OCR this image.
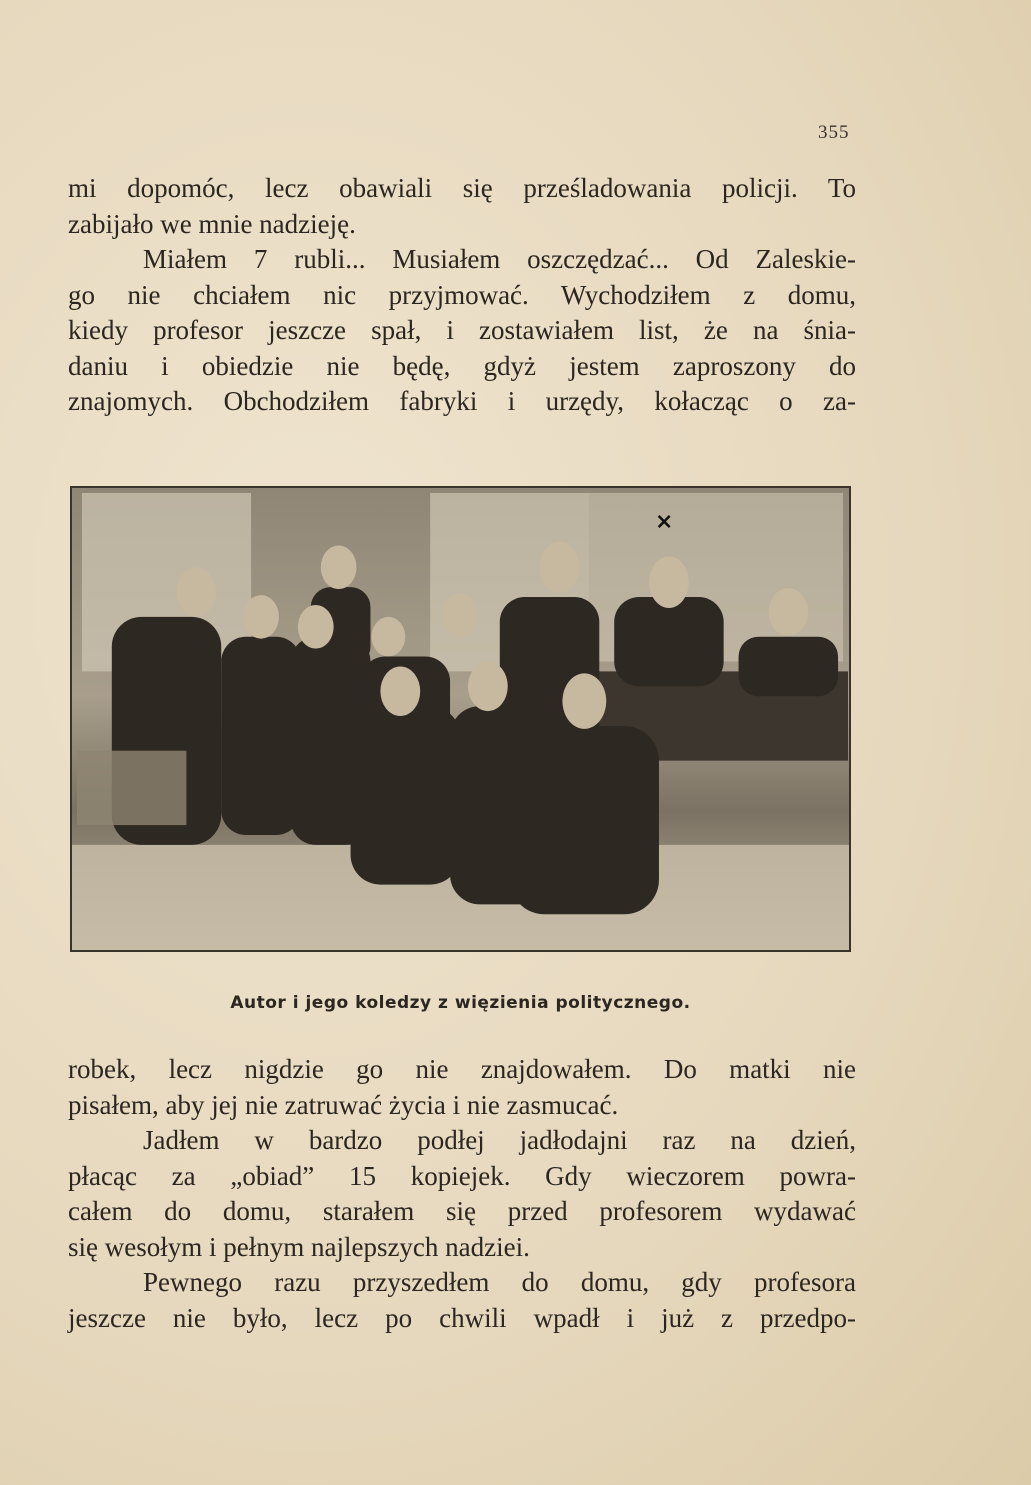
355
mi dopomóc, lecz obawiali się prześladowania policji. To
zabijało we mnie nadzieję.
Miałem 7 rubli... Musiałem oszczędzać... Od Zaleskie-
go nie chciałem nic przyjmować. Wychodziłem z domu,
kiedy profesor jeszcze spał, i zostawiałem list, że na śnia-
daniu i obiedzie nie będę, gdyż jestem zaproszony do
znajomych. Obchodziłem fabryki i urzędy, kołacząc o za-
×
Autor i jego koledzy z więzienia politycznego.
robek, lecz nigdzie go nie znajdowałem. Do matki nie
pisałem, aby jej nie zatruwać życia i nie zasmucać.
Jadłem w bardzo podłej jadłodajni raz na dzień,
płacąc za „obiad” 15 kopiejek. Gdy wieczorem powra-
całem do domu, starałem się przed profesorem wydawać
się wesołym i pełnym najlepszych nadziei.
Pewnego razu przyszedłem do domu, gdy profesora
jeszcze nie było, lecz po chwili wpadł i już z przedpo-
